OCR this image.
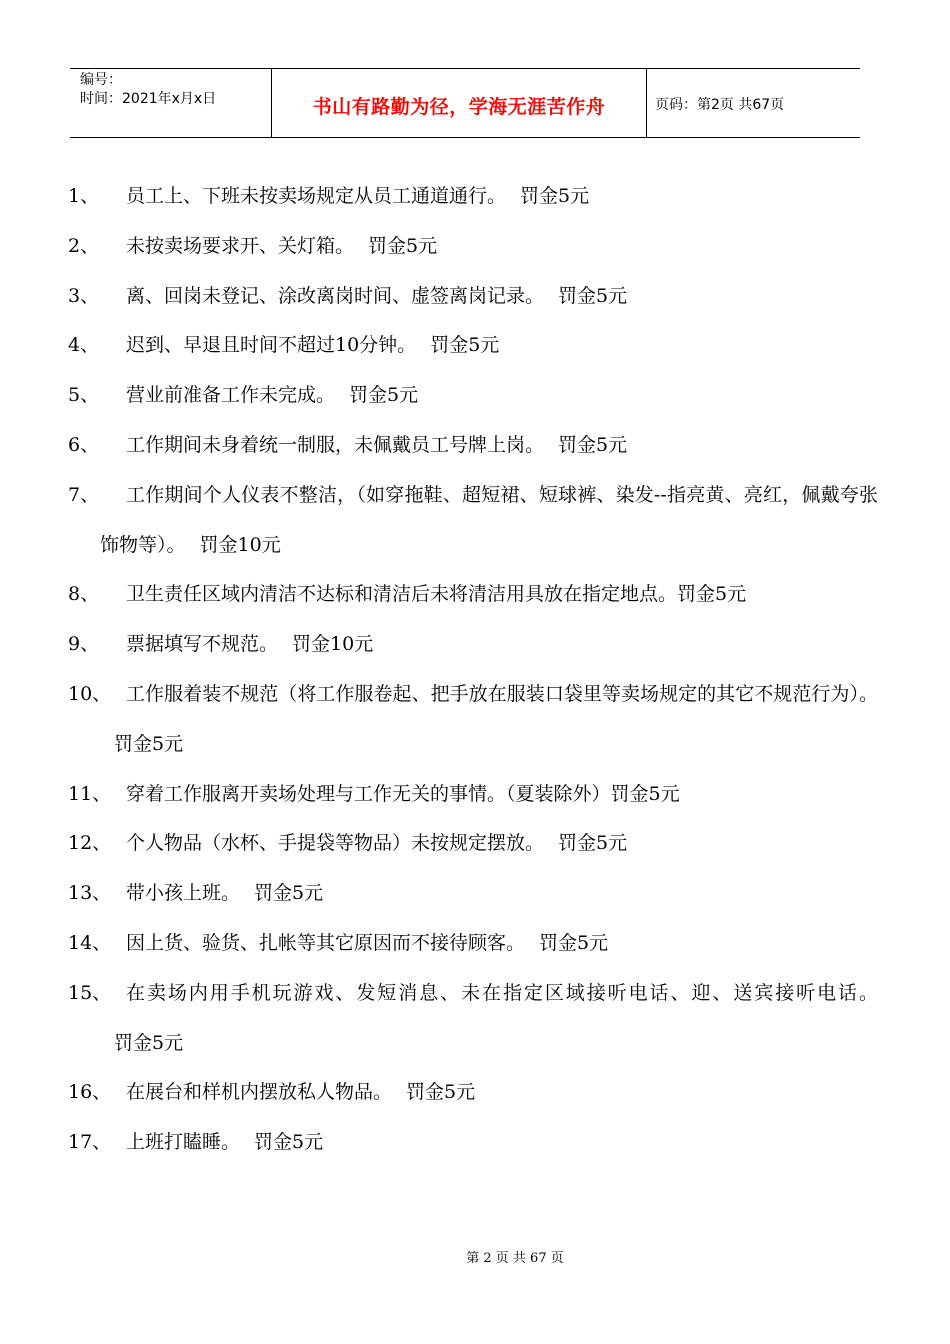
编号：
时间：2021年x月x日	书山有路勤为径，学海无涯苦作舟	页码：第2页 共67页
1、 员工上、下班未按卖场规定从员工通道通行。 罚金5元
2、 未按卖场要求开、关灯箱。 罚金5元
3、 离、回岗未登记、涂改离岗时间、虚签离岗记录。 罚金5元
4、 迟到、早退且时间不超过10分钟。 罚金5元
5、 营业前准备工作未完成。 罚金5元
6、 工作期间未身着统一制服，未佩戴员工号牌上岗。 罚金5元
7、	工作期间个人仪表不整洁，（如穿拖鞋、超短裙、短球裤、染发--指亮黄、亮红，佩戴夸张饰物等）。 罚金10元
8、	卫生责任区域内清洁不达标和清洁后未将清洁用具放在指定地点。罚金5元
9、 票据填写不规范。 罚金10元
10、 工作服着装不规范（将工作服卷起、把手放在服装口袋里等卖场规定的其它不规范行为）。罚金5元
11、 穿着工作服离开卖场处理与工作无关的事情。（夏装除外）罚金5元
12、 个人物品（水杯、手提袋等物品）未按规定摆放。 罚金5元
13、 带小孩上班。 罚金5元
14、 因上货、验货、扎帐等其它原因而不接待顾客。 罚金5元
15、 在卖场内用手机玩游戏、发短消息、未在指定区域接听电话、迎、送宾接听电话。罚金5元
16、 在展台和样机内摆放私人物品。 罚金5元
17、 上班打瞌睡。 罚金5元
第 2 页 共 67 页
